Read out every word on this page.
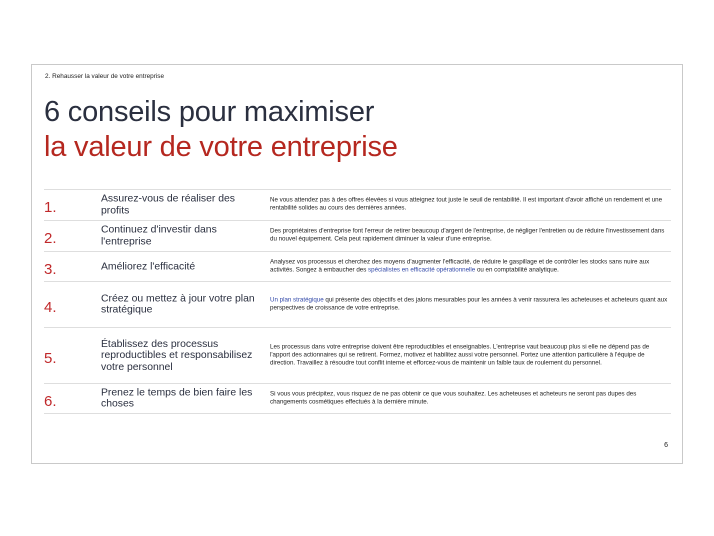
2. Rehausser la valeur de votre entreprise
6 conseils pour maximiser
la valeur de votre entreprise
1.
Assurez-vous de réaliser des profits
Ne vous attendez pas à des offres élevées si vous atteignez tout juste le seuil de rentabilité. Il est important d'avoir affiché un rendement et une rentabilité solides au cours des dernières années.
2.
Continuez d'investir dans l'entreprise
Des propriétaires d'entreprise font l'erreur de retirer beaucoup d'argent de l'entreprise, de négliger l'entretien ou de réduire l'investissement dans du nouvel équipement. Cela peut rapidement diminuer la valeur d'une entreprise.
3.	Améliorez l'efficacité	Analysez vos processus et cherchez des moyens d'augmenter l'efficacité, de réduire le gaspillage et de contrôler les stocks sans nuire aux activités. Songez à embaucher des spécialistes en efficacité opérationnelle ou en comptabilité analytique.
4.
Créez ou mettez à jour votre plan stratégique
Un plan stratégique qui présente des objectifs et des jalons mesurables pour les années à venir rassurera les acheteuses et acheteurs quant aux perspectives de croissance de votre entreprise.
5.
Établissez des processus reproductibles et responsabilisez votre personnel
Les processus dans votre entreprise doivent être reproductibles et enseignables. L'entreprise vaut beaucoup plus si elle ne dépend pas de l'apport des actionnaires qui se retirent. Formez, motivez et habilitez aussi votre personnel. Portez une attention particulière à l'équipe de direction. Travaillez à résoudre tout conflit interne et efforcez-vous de maintenir un faible taux de roulement du personnel.
6.
Prenez le temps de bien faire les choses
Si vous vous précipitez, vous risquez de ne pas obtenir ce que vous souhaitez. Les acheteuses et acheteurs ne seront pas dupes des changements cosmétiques effectués à la dernière minute.
6
